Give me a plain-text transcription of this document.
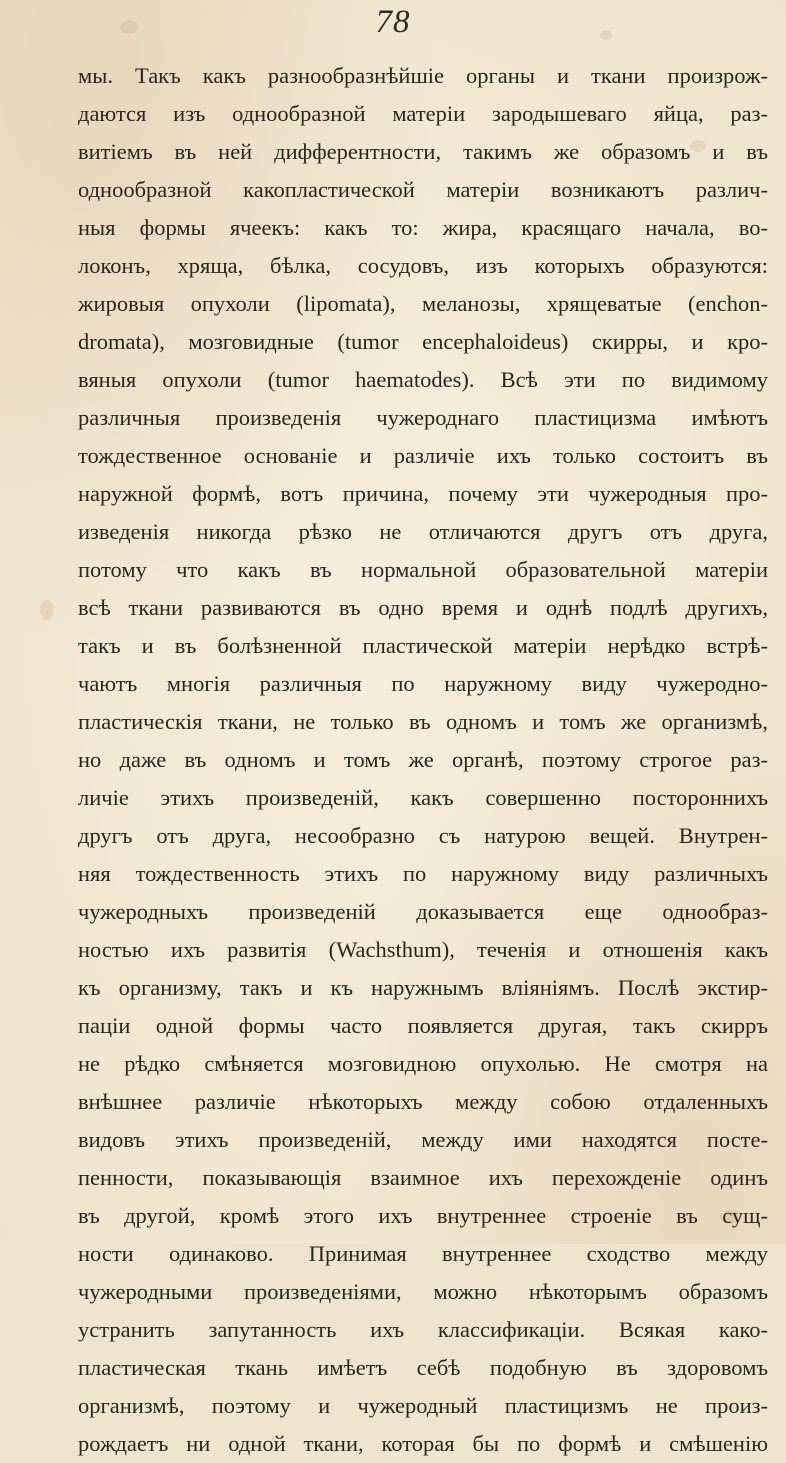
78
мы. Такъ какъ разнообразнѣйшіе органы и ткани произрож-
даются изъ однообразной матеріи зародышеваго яйца, раз-
витіемъ въ ней дифферентности, такимъ же образомъ и въ
однообразной какопластической матеріи возникаютъ различ-
ныя формы ячеекъ: какъ то: жира, красящаго начала, во-
локонъ, хряща, бѣлка, сосудовъ, изъ которыхъ образуются:
жировыя опухоли (lipomata), меланозы, хрящеватые (enchon-
dromata), мозговидные (tumor encephaloideus) скирры, и кро-
вяныя опухоли (tumor haematodes). Всѣ эти по видимому
различныя произведенія чужероднаго пластицизма имѣютъ
тождественное основаніе и различіе ихъ только состоитъ въ
наружной формѣ, вотъ причина, почему эти чужеродныя про-
изведенія никогда рѣзко не отличаются другъ отъ друга,
потому что какъ въ нормальной образовательной матеріи
всѣ ткани развиваются въ одно время и однѣ подлѣ другихъ,
такъ и въ болѣзненной пластической матеріи нерѣдко встрѣ-
чаютъ многія различныя по наружному виду чужеродно-
пластическія ткани, не только въ одномъ и томъ же организмѣ,
но даже въ одномъ и томъ же органѣ, поэтому строгое раз-
личіе этихъ произведеній, какъ совершенно постороннихъ
другъ отъ друга, несообразно съ натурою вещей. Внутрен-
няя тождественность этихъ по наружному виду различныхъ
чужеродныхъ произведеній доказывается еще однообраз-
ностью ихъ развитія (Wachsthum), теченія и отношенія какъ
къ организму, такъ и къ наружнымъ вліяніямъ. Послѣ экстир-
паціи одной формы часто появляется другая, такъ скирръ
не рѣдко смѣняется мозговидною опухолью. Не смотря на
внѣшнее различіе нѣкоторыхъ между собою отдаленныхъ
видовъ этихъ произведеній, между ими находятся посте-
пенности, показывающія взаимное ихъ перехожденіе одинъ
въ другой, кромѣ этого ихъ внутреннее строеніе въ сущ-
ности одинаково. Принимая внутреннее сходство между
чужеродными произведеніями, можно нѣкоторымъ образомъ
устранить запутанность ихъ классификаціи. Всякая како-
пластическая ткань имѣетъ себѣ подобную въ здоровомъ
организмѣ, поэтому и чужеродный пластицизмъ не произ-
рождаетъ ни одной ткани, которая бы по формѣ и смѣшенію
